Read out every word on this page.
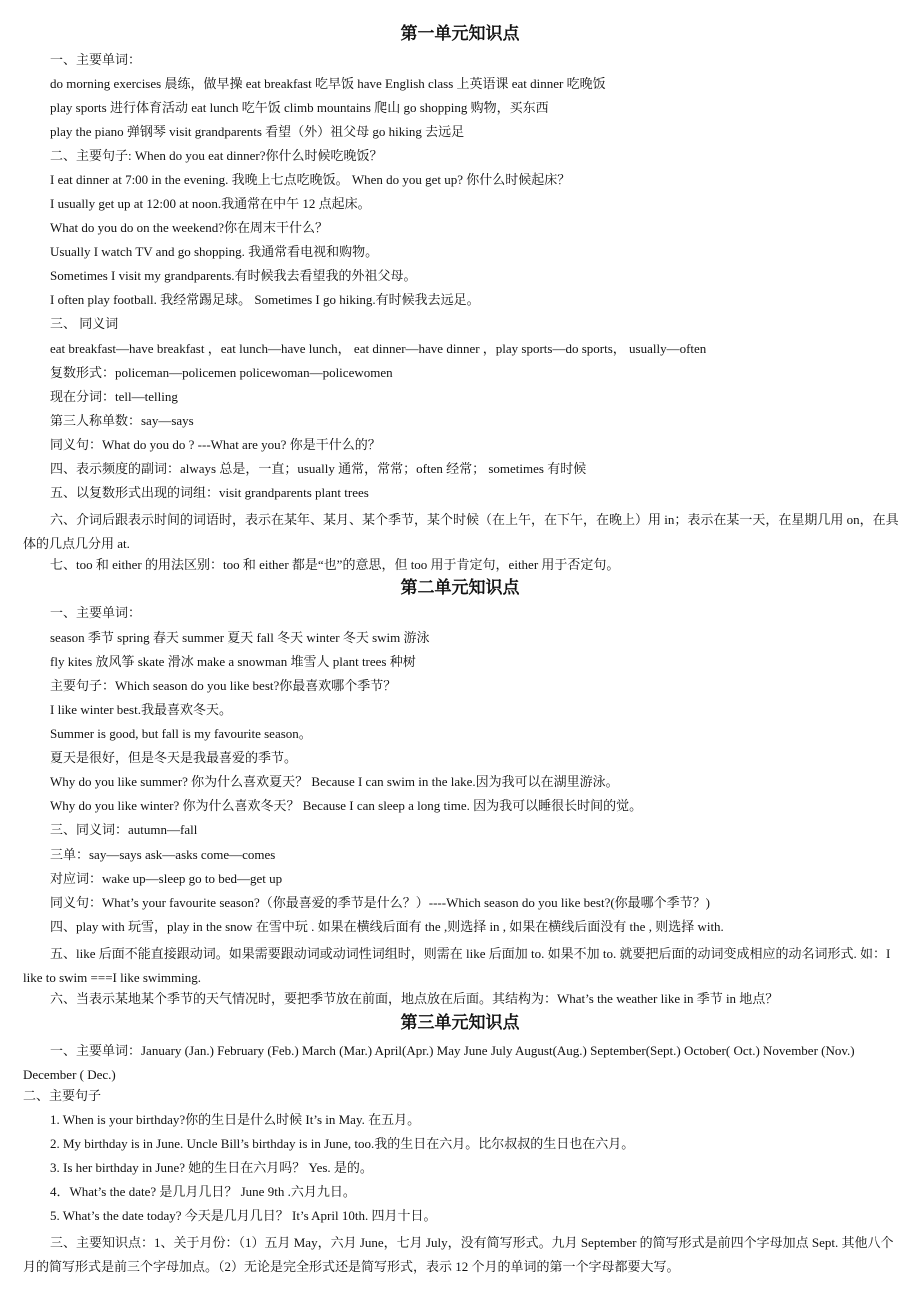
第一单元知识点

一、主要单词：

do morning exercises 晨练，做早操 eat breakfast 吃早饭 have English class 上英语课 eat dinner 吃晚饭

play sports 进行体育活动 eat lunch 吃午饭 climb mountains 爬山 go shopping 购物，买东西

play the piano 弹钢琴 visit grandparents 看望（外）祖父母 go hiking 去远足

二、主要句子: When do you eat dinner?你什么时候吃晚饭？

I eat dinner at 7:00 in the evening. 我晚上七点吃晚饭。 When do you get up? 你什么时候起床？

I usually get up at 12:00 at noon.我通常在中午 12 点起床。

What do you do on the weekend?你在周末干什么？

Usually I watch TV and go shopping. 我通常看电视和购物。

Sometimes I visit my grandparents.有时候我去看望我的外祖父母。

I often play football. 我经常踢足球。 Sometimes I go hiking.有时候我去远足。

三、 同义词

eat breakfast—have breakfast ，eat lunch—have lunch， eat dinner—have dinner ，play sports—do sports， usually—often

复数形式：policeman—policemen policewoman—policewomen

现在分词：tell—telling

第三人称单数：say—says

同义句：What do you do ? ---What are you? 你是干什么的？

四、表示频度的副词：always 总是，一直；usually 通常，常常；often 经常； sometimes 有时候

五、以复数形式出现的词组：visit grandparents plant trees

六、介词后跟表示时间的词语时，表示在某年、某月、某个季节，某个时候（在上午，在下午，在晚上）用 in；表示在某一天，在星期几用 on，在具体的几点几分用 at.

七、too 和 either 的用法区别：too 和 either 都是“也”的意思，但 too 用于肯定句，either 用于否定句。

第二单元知识点

一、主要单词：

season 季节 spring 春天 summer 夏天 fall 冬天 winter 冬天 swim 游泳

fly kites 放风筝 skate 滑冰 make a snowman 堆雪人 plant trees 种树

主要句子：Which season do you like best?你最喜欢哪个季节？

I like winter best.我最喜欢冬天。

Summer is good, but fall is my favourite season。

夏天是很好，但是冬天是我最喜爱的季节。

Why do you like summer? 你为什么喜欢夏天？ Because I can swim in the lake.因为我可以在湖里游泳。

Why do you like winter? 你为什么喜欢冬天？ Because I can sleep a long time. 因为我可以睡很长时间的觉。

三、同义词：autumn—fall

三单：say—says ask—asks come—comes

对应词：wake up—sleep go to bed—get up

同义句：What’s your favourite season?（你最喜爱的季节是什么？）----Which season do you like best?(你最哪个季节？)

四、play with 玩雪，play in the snow 在雪中玩 . 如果在横线后面有 the ,则选择 in , 如果在横线后面没有 the , 则选择 with.

五、like 后面不能直接跟动词。如果需要跟动词或动词性词组时，则需在 like 后面加 to. 如果不加 to. 就要把后面的动词变成相应的动名词形式. 如：I like to swim ===I like swimming.

六、当表示某地某个季节的天气情况时，要把季节放在前面，地点放在后面。其结构为：What’s the weather like in 季节 in 地点？

第三单元知识点

一、主要单词：January (Jan.) February (Feb.) March (Mar.) April(Apr.) May June July August(Aug.) September(Sept.) October( Oct.) November (Nov.) December ( Dec.)

二、主要句子

1. When is your birthday?你的生日是什么时候 It’s in May. 在五月。

2. My birthday is in June. Uncle Bill’s birthday is in June, too.我的生日在六月。比尔叔叔的生日也在六月。

3. Is her birthday in June? 她的生日在六月吗？ Yes. 是的。

4．What’s the date? 是几月几日？ June 9th .六月九日。

5. What’s the date today? 今天是几月几日？ It’s April 10th. 四月十日。

三、主要知识点：1、关于月份：（1）五月 May，六月 June，七月 July，没有简写形式。九月 September 的简写形式是前四个字母加点 Sept. 其他八个月的简写形式是前三个字母加点。（2）无论是完全形式还是简写形式，表示 12 个月的单词的第一个字母都要大写。
